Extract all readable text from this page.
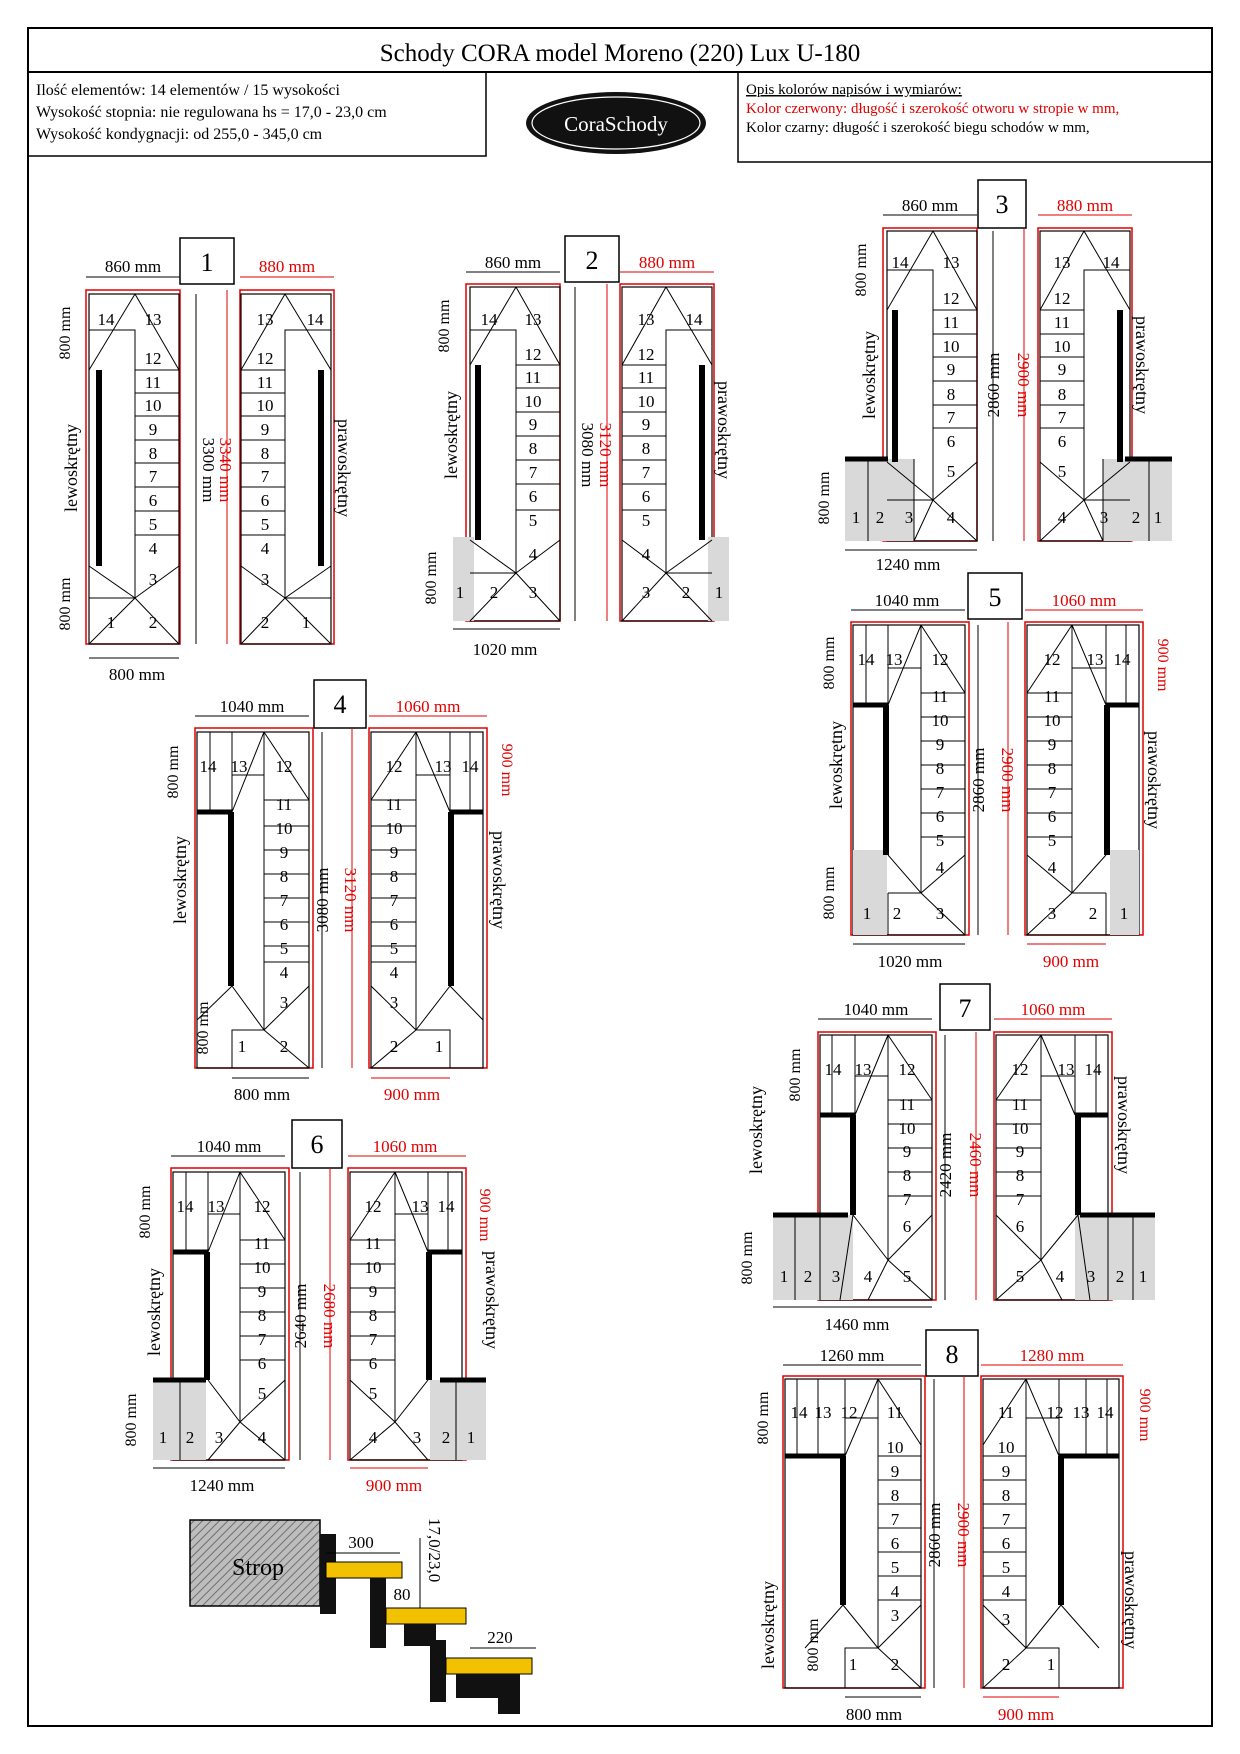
Schody CORA model Moreno (220) Lux U-180
Ilość elementów: 14 elementów / 15 wysokości
Wysokość stopnia: nie regulowana hs = 17,0 - 23,0 cm
Wysokość kondygnacji: od 255,0 - 345,0 cm	CoraSchody
Opis kolorów napisów i wymiarów:
Kolor czerwony: długość i szerokość otworu w stropie w mm,
Kolor czarny: długość i szerokość biegu schodów w mm,
1
14 13
12
11
10
9
8
7
6
5
4
3
1 2
13 14
12
11
10
9
8
7
6
5
4
3
2 1
860 mm	880 mm
3300 mm
3340 mm
800 mm
800 mm
lewoskrętny	prawoskrętny
800 mm
2
14 13
12
11
10
9
8
7
6
5
4
1 2 3
13 14
12
11
10
9
8
7
6
5
4
3 2 1
860 mm	880 mm
3080 mm 3120 mm
800 mm
800 mm
lewoskrętny	prawoskrętny
1020 mm
3
14 13
12
11
10
9
8
7
6
5
1 2 3 4
13 14
12
11
10
9
8
7
6
5
4 3 2 1
860 mm	880 mm
2860 mm 2900 mm
800 mm
800 mm
lewoskrętny	prawoskrętny
1240 mm
4
14 13 12
11
10
9
8
7
6
5
4
3
1 2
12 13 14
11
10
9
8
7
6
5
4
3
2 1
1040 mm	1060 mm
3080 mm 3120 mm
800 mm
800 mm
lewoskrętny	prawoskrętny
900 mm
800 mm	900 mm
5
14 13 12
11
10
9
8
7
6
5
4
1 2 3
12 13 14
11
10
9
8
7
6
5
4
3 2 1
1040 mm	1060 mm
2860 mm 2900 mm
800 mm
800 mm
lewoskrętny	prawoskrętny
900 mm
1020 mm	900 mm
6
14 13 12
11
10
9
8
7
6
5
1 2 3 4
12 13 14
11
10
9
8
7
6
5
4 3 2 1
1040 mm	1060 mm
2640 mm 2680 mm
800 mm
800 mm
lewoskrętny	prawoskrętny
900 mm
1240 mm	900 mm
7
14 13 12
11
10
9
8
7
6
1 2 3 4 5
12 13 14
11
10
9
8
7
6
5 4 3 2 1
1040 mm	1060 mm
2420 mm 2460 mm
800 mm
800 mm
lewoskrętny	prawoskrętny
1460 mm
8
14 13 12 11
10
9
8
7
6
5
4
3
1 2
11 12 13 14
10
9
8
7
6
5
4
3
2 1
1260 mm	1280 mm
2860 mm 2900 mm
800 mm
800 mm
lewoskrętny	prawoskrętny
900 mm
800 mm	900 mm
Strop
300	17,0/23,0
80
220
